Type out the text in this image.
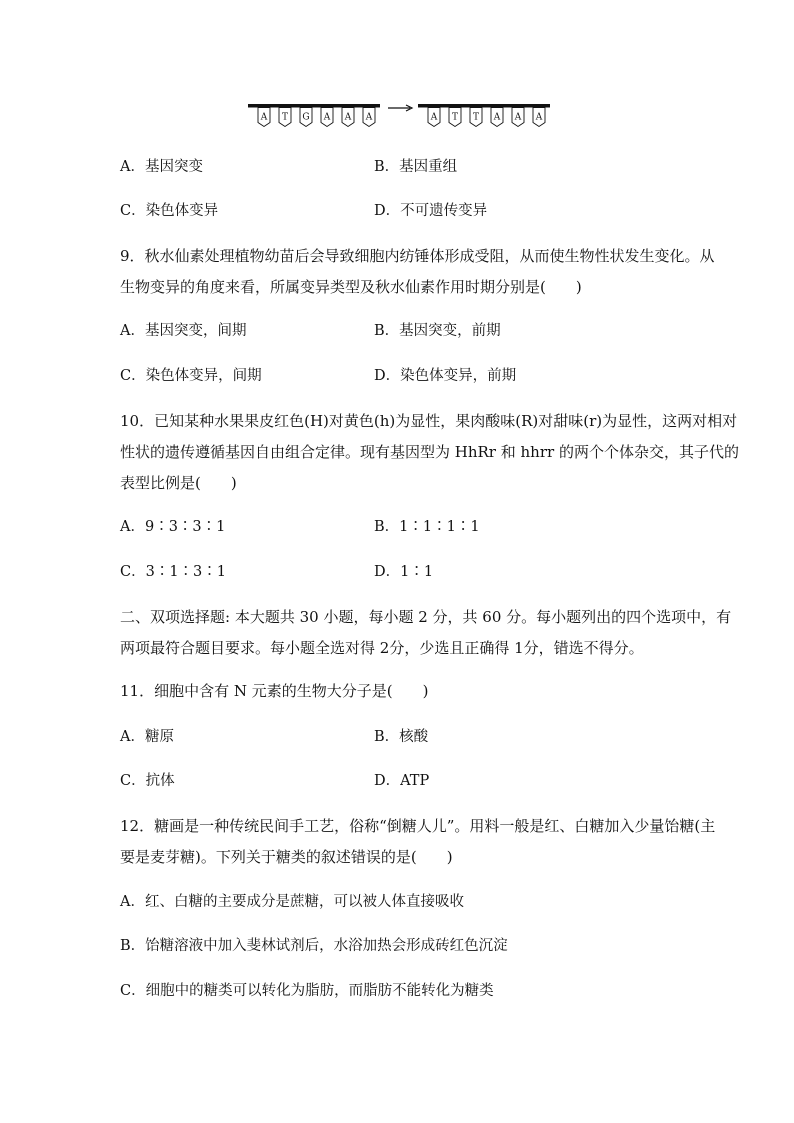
A T G A A A	A T T A A A
A．基因突变	B．基因重组
C．染色体变异	D．不可遗传变异
9．秋水仙素处理植物幼苗后会导致细胞内纺锤体形成受阻，从而使生物性状发生变化。从
生物变异的角度来看，所属变异类型及秋水仙素作用时期分别是(　　)
A．基因突变，间期	B．基因突变，前期
C．染色体变异，间期	D．染色体变异，前期
10．已知某种水果果皮红色(H)对黄色(h)为显性，果肉酸味(R)对甜味(r)为显性，这两对相对
性状的遗传遵循基因自由组合定律。现有基因型为 HhRr 和 hhrr 的两个个体杂交，其子代的
表型比例是(　　)
A．9∶3∶3∶1	B．1∶1∶1∶1
C．3∶1∶3∶1	D．1∶1
二、双项选择题: 本大题共 30 小题，每小题 2 分，共 60 分。每小题列出的四个选项中，有
两项最符合题目要求。每小题全选对得 2分，少选且正确得 1分，错选不得分。
11．细胞中含有 N 元素的生物大分子是(　　)
A．糖原	B．核酸
C．抗体	D．ATP
12．糖画是一种传统民间手工艺，俗称“倒糖人儿”。用料一般是红、白糖加入少量饴糖(主
要是麦芽糖)。下列关于糖类的叙述错误的是(　　)
A．红、白糖的主要成分是蔗糖，可以被人体直接吸收
B．饴糖溶液中加入斐林试剂后，水浴加热会形成砖红色沉淀
C．细胞中的糖类可以转化为脂肪，而脂肪不能转化为糖类
